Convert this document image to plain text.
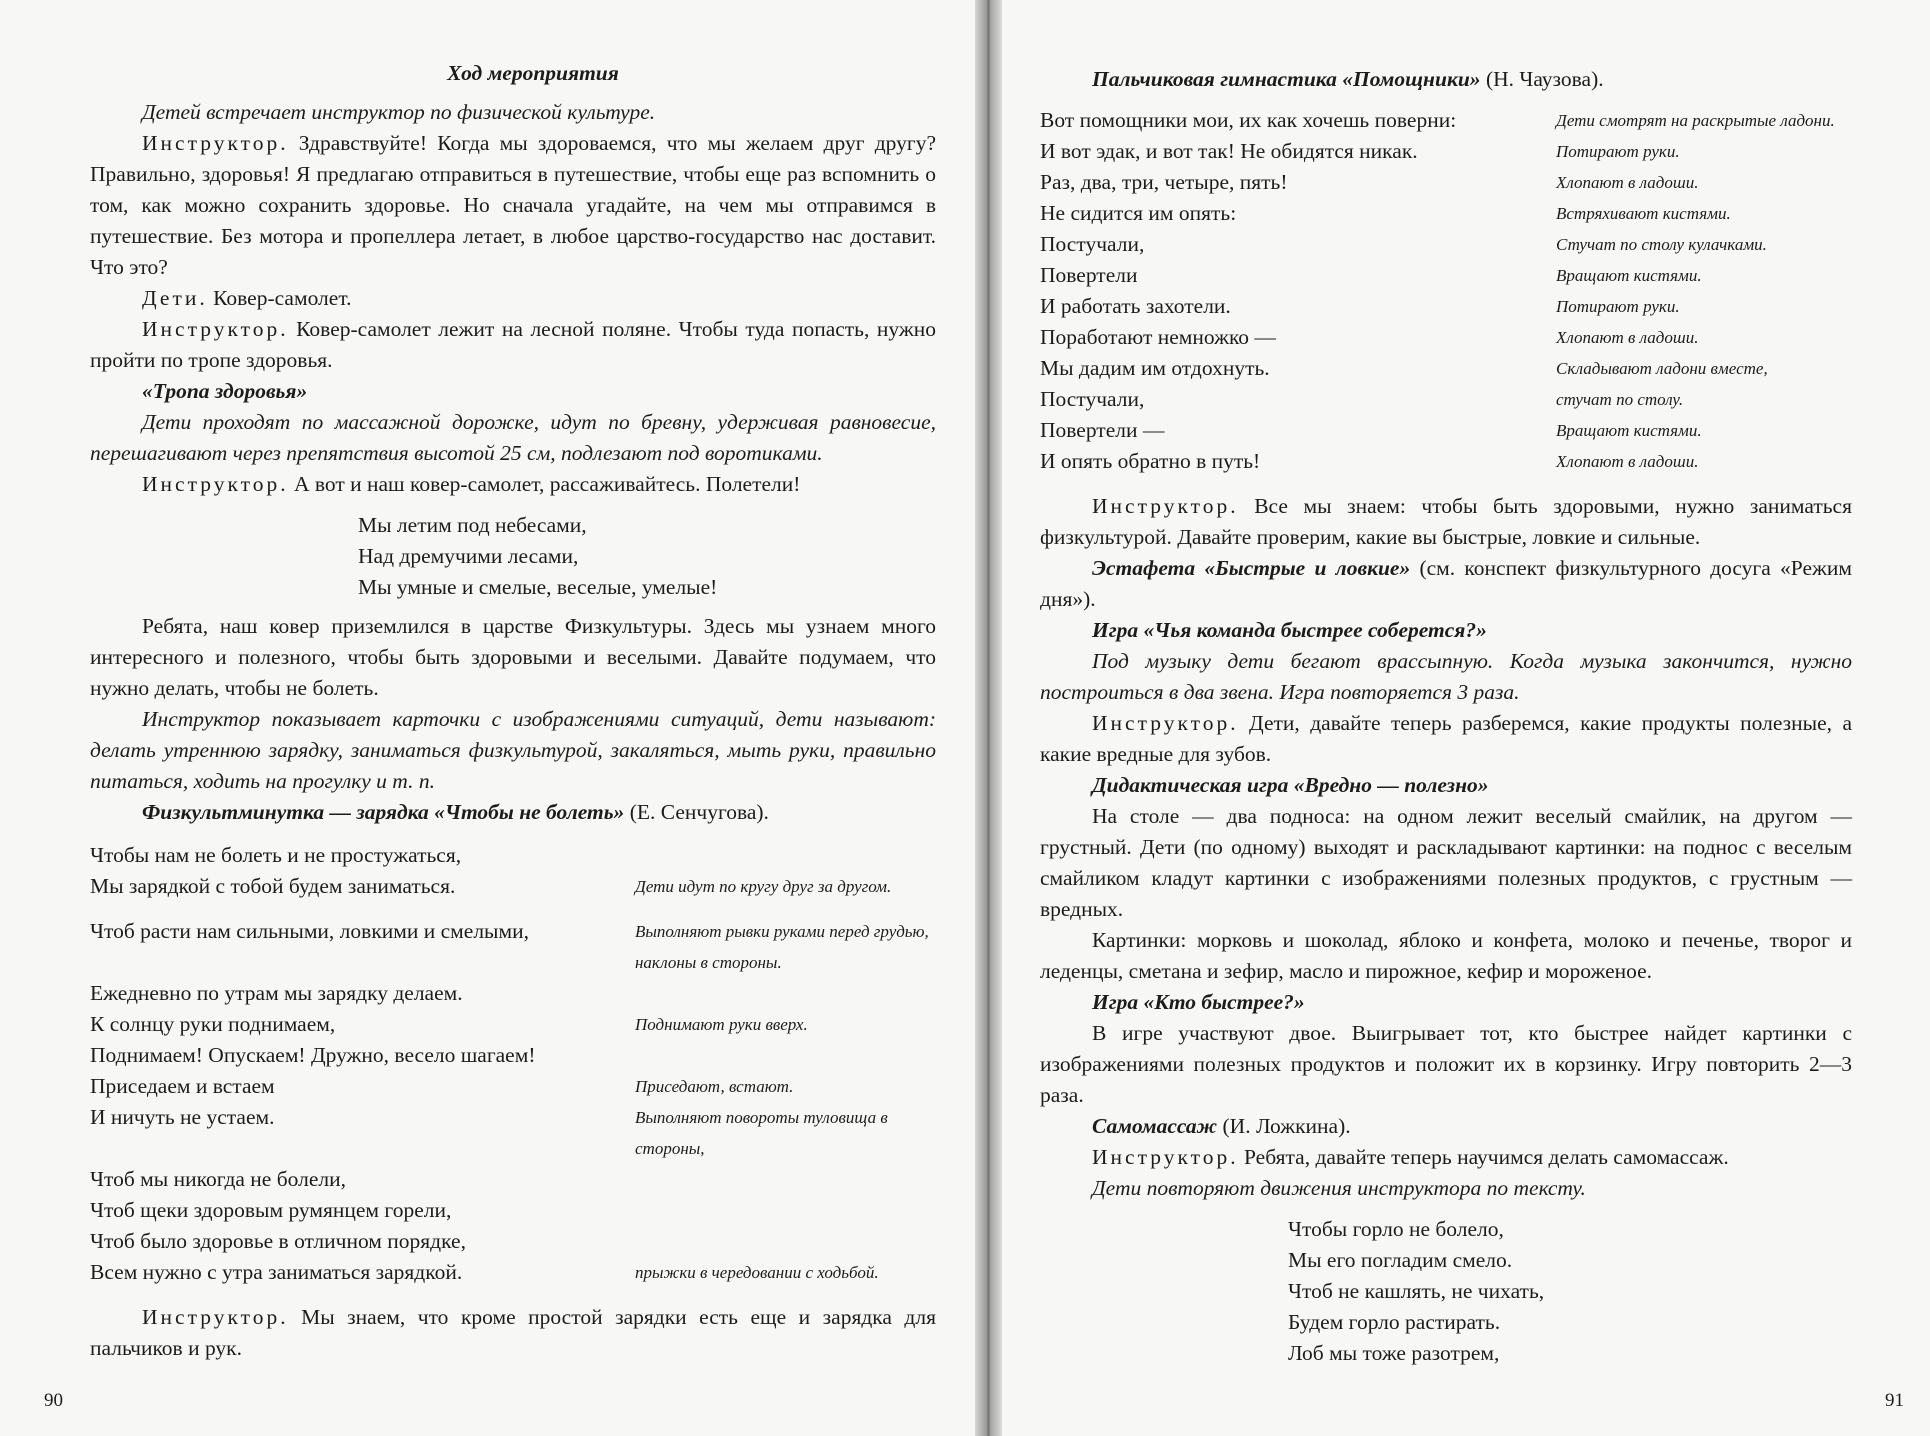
Ход мероприятия

Детей встречает инструктор по физической культуре.

Инструктор. Здравствуйте! Когда мы здороваемся, что мы желаем друг другу? Правильно, здоровья! Я предлагаю отправиться в путешествие, чтобы еще раз вспомнить о том, как можно сохранить здоровье. Но сначала угадайте, на чем мы отправимся в путешествие. Без мотора и пропеллера летает, в любое царство-государство нас доставит. Что это?

Дети. Ковер-самолет.

Инструктор. Ковер-самолет лежит на лесной поляне. Чтобы туда попасть, нужно пройти по тропе здоровья.

«Тропа здоровья»

Дети проходят по массажной дорожке, идут по бревну, удерживая равновесие, перешагивают через препятствия высотой 25 см, подлезают под воротиками.

Инструктор. А вот и наш ковер-самолет, рассаживайтесь. Полетели!

Мы летим под небесами,
Над дремучими лесами,
Мы умные и смелые, веселые, умелые!

Ребята, наш ковер приземлился в царстве Физкультуры. Здесь мы узнаем много интересного и полезного, чтобы быть здоровыми и веселыми. Давайте подумаем, что нужно делать, чтобы не болеть.

Инструктор показывает карточки с изображениями ситуаций, дети называют: делать утреннюю зарядку, заниматься физкультурой, закаляться, мыть руки, правильно питаться, ходить на прогулку и т. п.

Физкультминутка — зарядка «Чтобы не болеть» (Е. Сенчугова).

Чтобы нам не болеть и не простужаться,
Мы зарядкой с тобой будем заниматься.	Дети идут по кругу друг за другом.
Чтоб расти нам сильными, ловкими и смелыми,	Выполняют рывки руками перед грудью, наклоны в стороны.
Ежедневно по утрам мы зарядку делаем.
К солнцу руки поднимаем,	Поднимают руки вверх.
Поднимаем! Опускаем! Дружно, весело шагаем!
Приседаем и встаем	Приседают, встают.
И ничуть не устаем.	Выполняют повороты туловища в стороны,
Чтоб мы никогда не болели,
Чтоб щеки здоровым румянцем горели,
Чтоб было здоровье в отличном порядке,
Всем нужно с утра заниматься зарядкой.	прыжки в чередовании с ходьбой.

Инструктор. Мы знаем, что кроме простой зарядки есть еще и зарядка для пальчиков и рук.

90

Пальчиковая гимнастика «Помощники» (Н. Чаузова).

Вот помощники мои, их как хочешь поверни:	Дети смотрят на раскрытые ладони.
И вот эдак, и вот так! Не обидятся никак.	Потирают руки.
Раз, два, три, четыре, пять!	Хлопают в ладоши.
Не сидится им опять:	Встряхивают кистями.
Постучали,	Стучат по столу кулачками.
Повертели	Вращают кистями.
И работать захотели.	Потирают руки.
Поработают немножко —	Хлопают в ладоши.
Мы дадим им отдохнуть.	Складывают ладони вместе,
Постучали,	стучат по столу.
Повертели —	Вращают кистями.
И опять обратно в путь!	Хлопают в ладоши.

Инструктор. Все мы знаем: чтобы быть здоровыми, нужно заниматься физкультурой. Давайте проверим, какие вы быстрые, ловкие и сильные.

Эстафета «Быстрые и ловкие» (см. конспект физкультурного досуга «Режим дня»).

Игра «Чья команда быстрее соберется?»

Под музыку дети бегают врассыпную. Когда музыка закончится, нужно построиться в два звена. Игра повторяется 3 раза.

Инструктор. Дети, давайте теперь разберемся, какие продукты полезные, а какие вредные для зубов.

Дидактическая игра «Вредно — полезно»

На столе — два подноса: на одном лежит веселый смайлик, на другом — грустный. Дети (по одному) выходят и раскладывают картинки: на поднос с веселым смайликом кладут картинки с изображениями полезных продуктов, с грустным — вредных.

Картинки: морковь и шоколад, яблоко и конфета, молоко и печенье, творог и леденцы, сметана и зефир, масло и пирожное, кефир и мороженое.

Игра «Кто быстрее?»

В игре участвуют двое. Выигрывает тот, кто быстрее найдет картинки с изображениями полезных продуктов и положит их в корзинку. Игру повторить 2—3 раза.

Самомассаж (И. Ложкина).

Инструктор. Ребята, давайте теперь научимся делать самомассаж.

Дети повторяют движения инструктора по тексту.

Чтобы горло не болело,
Мы его погладим смело.
Чтоб не кашлять, не чихать,
Будем горло растирать.
Лоб мы тоже разотрем,
91
